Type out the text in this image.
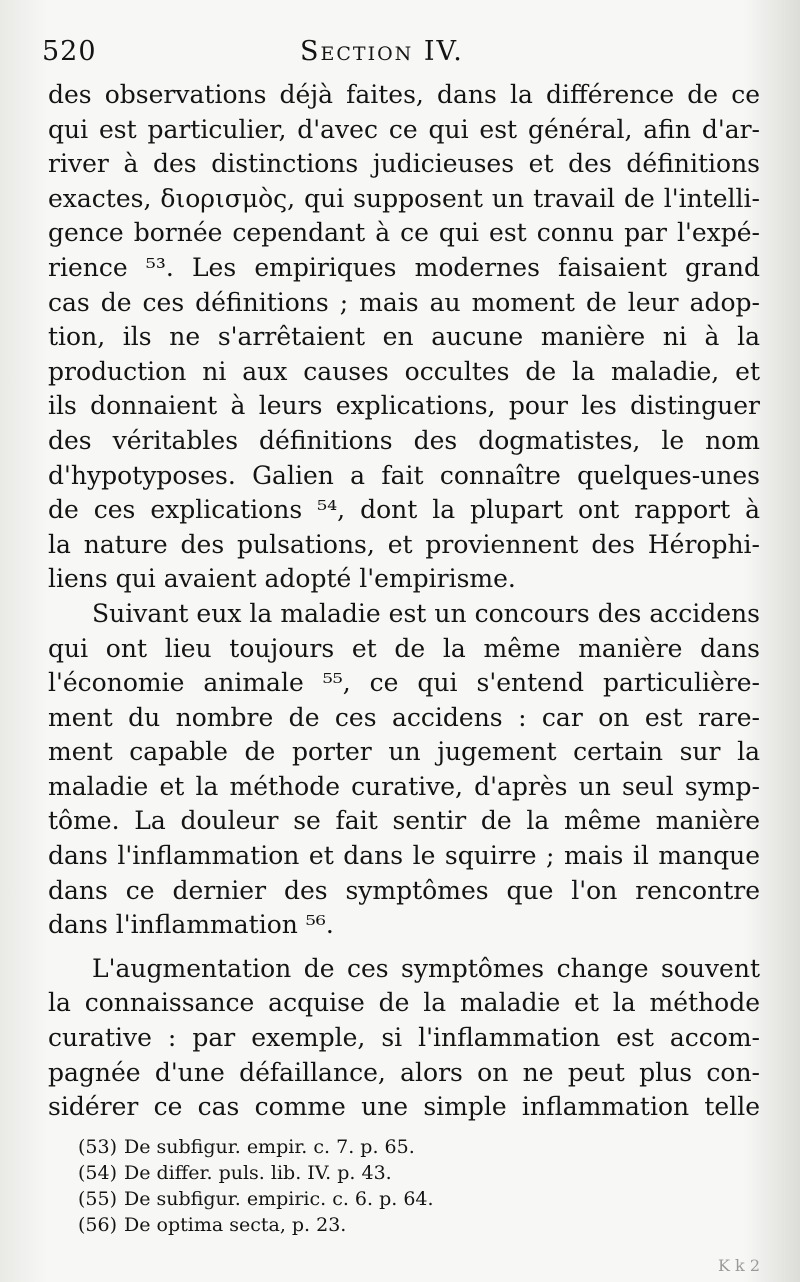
520	Section IV.
des observations déjà faites, dans la différence de ce
qui est particulier, d'avec ce qui est général, afin d'ar-
river à des distinctions judicieuses et des définitions
exactes, διορισμὸς, qui supposent un travail de l'intelli-
gence bornée cependant à ce qui est connu par l'expé-
rience ⁵³. Les empiriques modernes faisaient grand
cas de ces définitions ; mais au moment de leur adop-
tion, ils ne s'arrêtaient en aucune manière ni à la
production ni aux causes occultes de la maladie, et
ils donnaient à leurs explications, pour les distinguer
des véritables définitions des dogmatistes, le nom
d'hypotyposes. Galien a fait connaître quelques-unes
de ces explications ⁵⁴, dont la plupart ont rapport à
la nature des pulsations, et proviennent des Hérophi-
liens qui avaient adopté l'empirisme.
Suivant eux la maladie est un concours des accidens
qui ont lieu toujours et de la même manière dans
l'économie animale ⁵⁵, ce qui s'entend particulière-
ment du nombre de ces accidens : car on est rare-
ment capable de porter un jugement certain sur la
maladie et la méthode curative, d'après un seul symp-
tôme. La douleur se fait sentir de la même manière
dans l'inflammation et dans le squirre ; mais il manque
dans ce dernier des symptômes que l'on rencontre
dans l'inflammation ⁵⁶.
L'augmentation de ces symptômes change souvent
la connaissance acquise de la maladie et la méthode
curative : par exemple, si l'inflammation est accom-
pagnée d'une défaillance, alors on ne peut plus con-
sidérer ce cas comme une simple inflammation telle
(53) De subfigur. empir. c. 7. p. 65.
(54) De differ. puls. lib. IV. p. 43.
(55) De subfigur. empiric. c. 6. p. 64.
(56) De optima secta, p. 23.
K k 2
